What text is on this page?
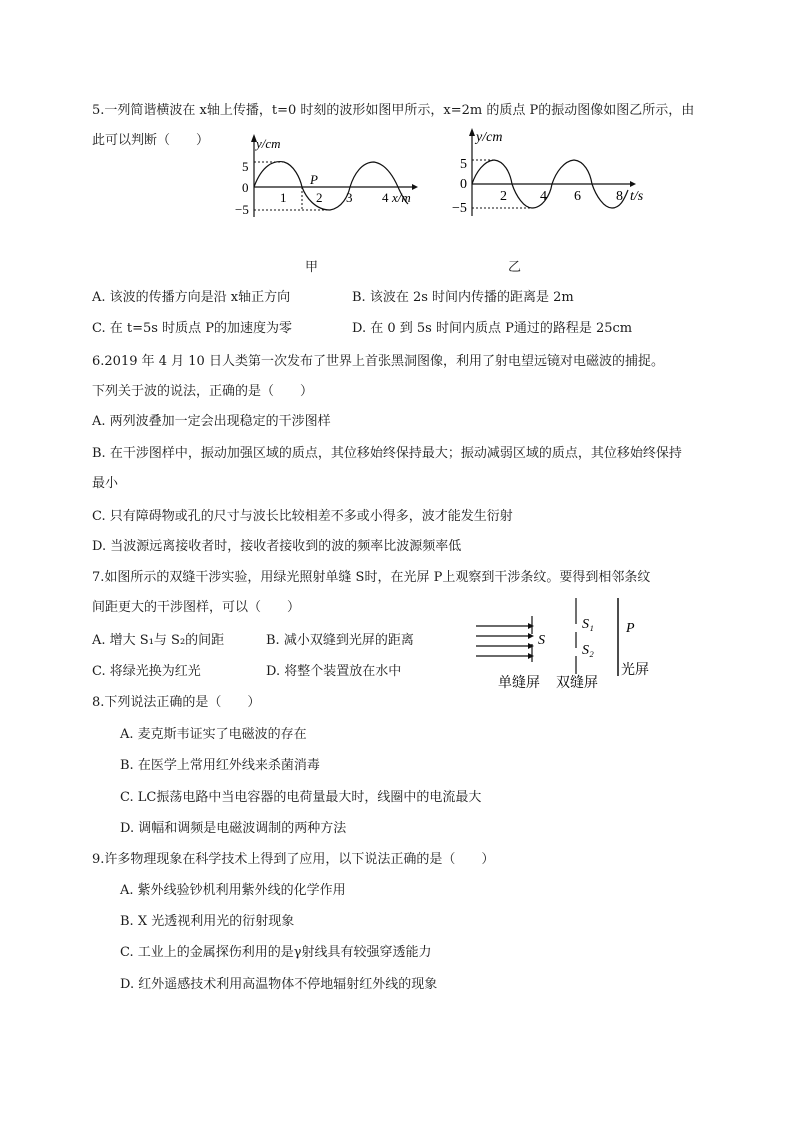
5.一列简谐横波在 x轴上传播，t=0 时刻的波形如图甲所示，x=2m 的质点 P的振动图像如图乙所示，由
此可以判断（　　）	y/cm
5
0
−5
1
P
2 3 4 x/m
甲
y/cm
5
0
−5
2 4 6	8 t/s
乙
A. 该波的传播方向是沿 x轴正方向	B. 该波在 2s 时间内传播的距离是 2m
C. 在 t=5s 时质点 P的加速度为零	D. 在 0 到 5s 时间内质点 P通过的路程是 25cm
6.2019 年 4 月 10 日人类第一次发布了世界上首张黑洞图像，利用了射电望远镜对电磁波的捕捉。
下列关于波的说法，正确的是（　　）
A. 两列波叠加一定会出现稳定的干涉图样
B. 在干涉图样中，振动加强区域的质点，其位移始终保持最大；振动减弱区域的质点，其位移始终保持
最小
C. 只有障碍物或孔的尺寸与波长比较相差不多或小得多，波才能发生衍射
D. 当波源远离接收者时，接收者接收到的波的频率比波源频率低
7.如图所示的双缝干涉实验，用绿光照射单缝 S时，在光屏 P上观察到干涉条纹。要得到相邻条纹
间距更大的干涉图样，可以（　　）
A. 增大 S₁与 S₂的间距	B. 减小双缝到光屏的距离
C. 将绿光换为红光	D. 将整个装置放在水中
S
S₁
S₂
P
单缝屏 双缝屏
光屏
8.下列说法正确的是（　　）
A. 麦克斯韦证实了电磁波的存在
B. 在医学上常用红外线来杀菌消毒
C. LC振荡电路中当电容器的电荷量最大时，线圈中的电流最大
D. 调幅和调频是电磁波调制的两种方法
9.许多物理现象在科学技术上得到了应用，以下说法正确的是（　　）
A. 紫外线验钞机利用紫外线的化学作用
B. X 光透视利用光的衍射现象
C. 工业上的金属探伤利用的是γ射线具有较强穿透能力
D. 红外遥感技术利用高温物体不停地辐射红外线的现象
